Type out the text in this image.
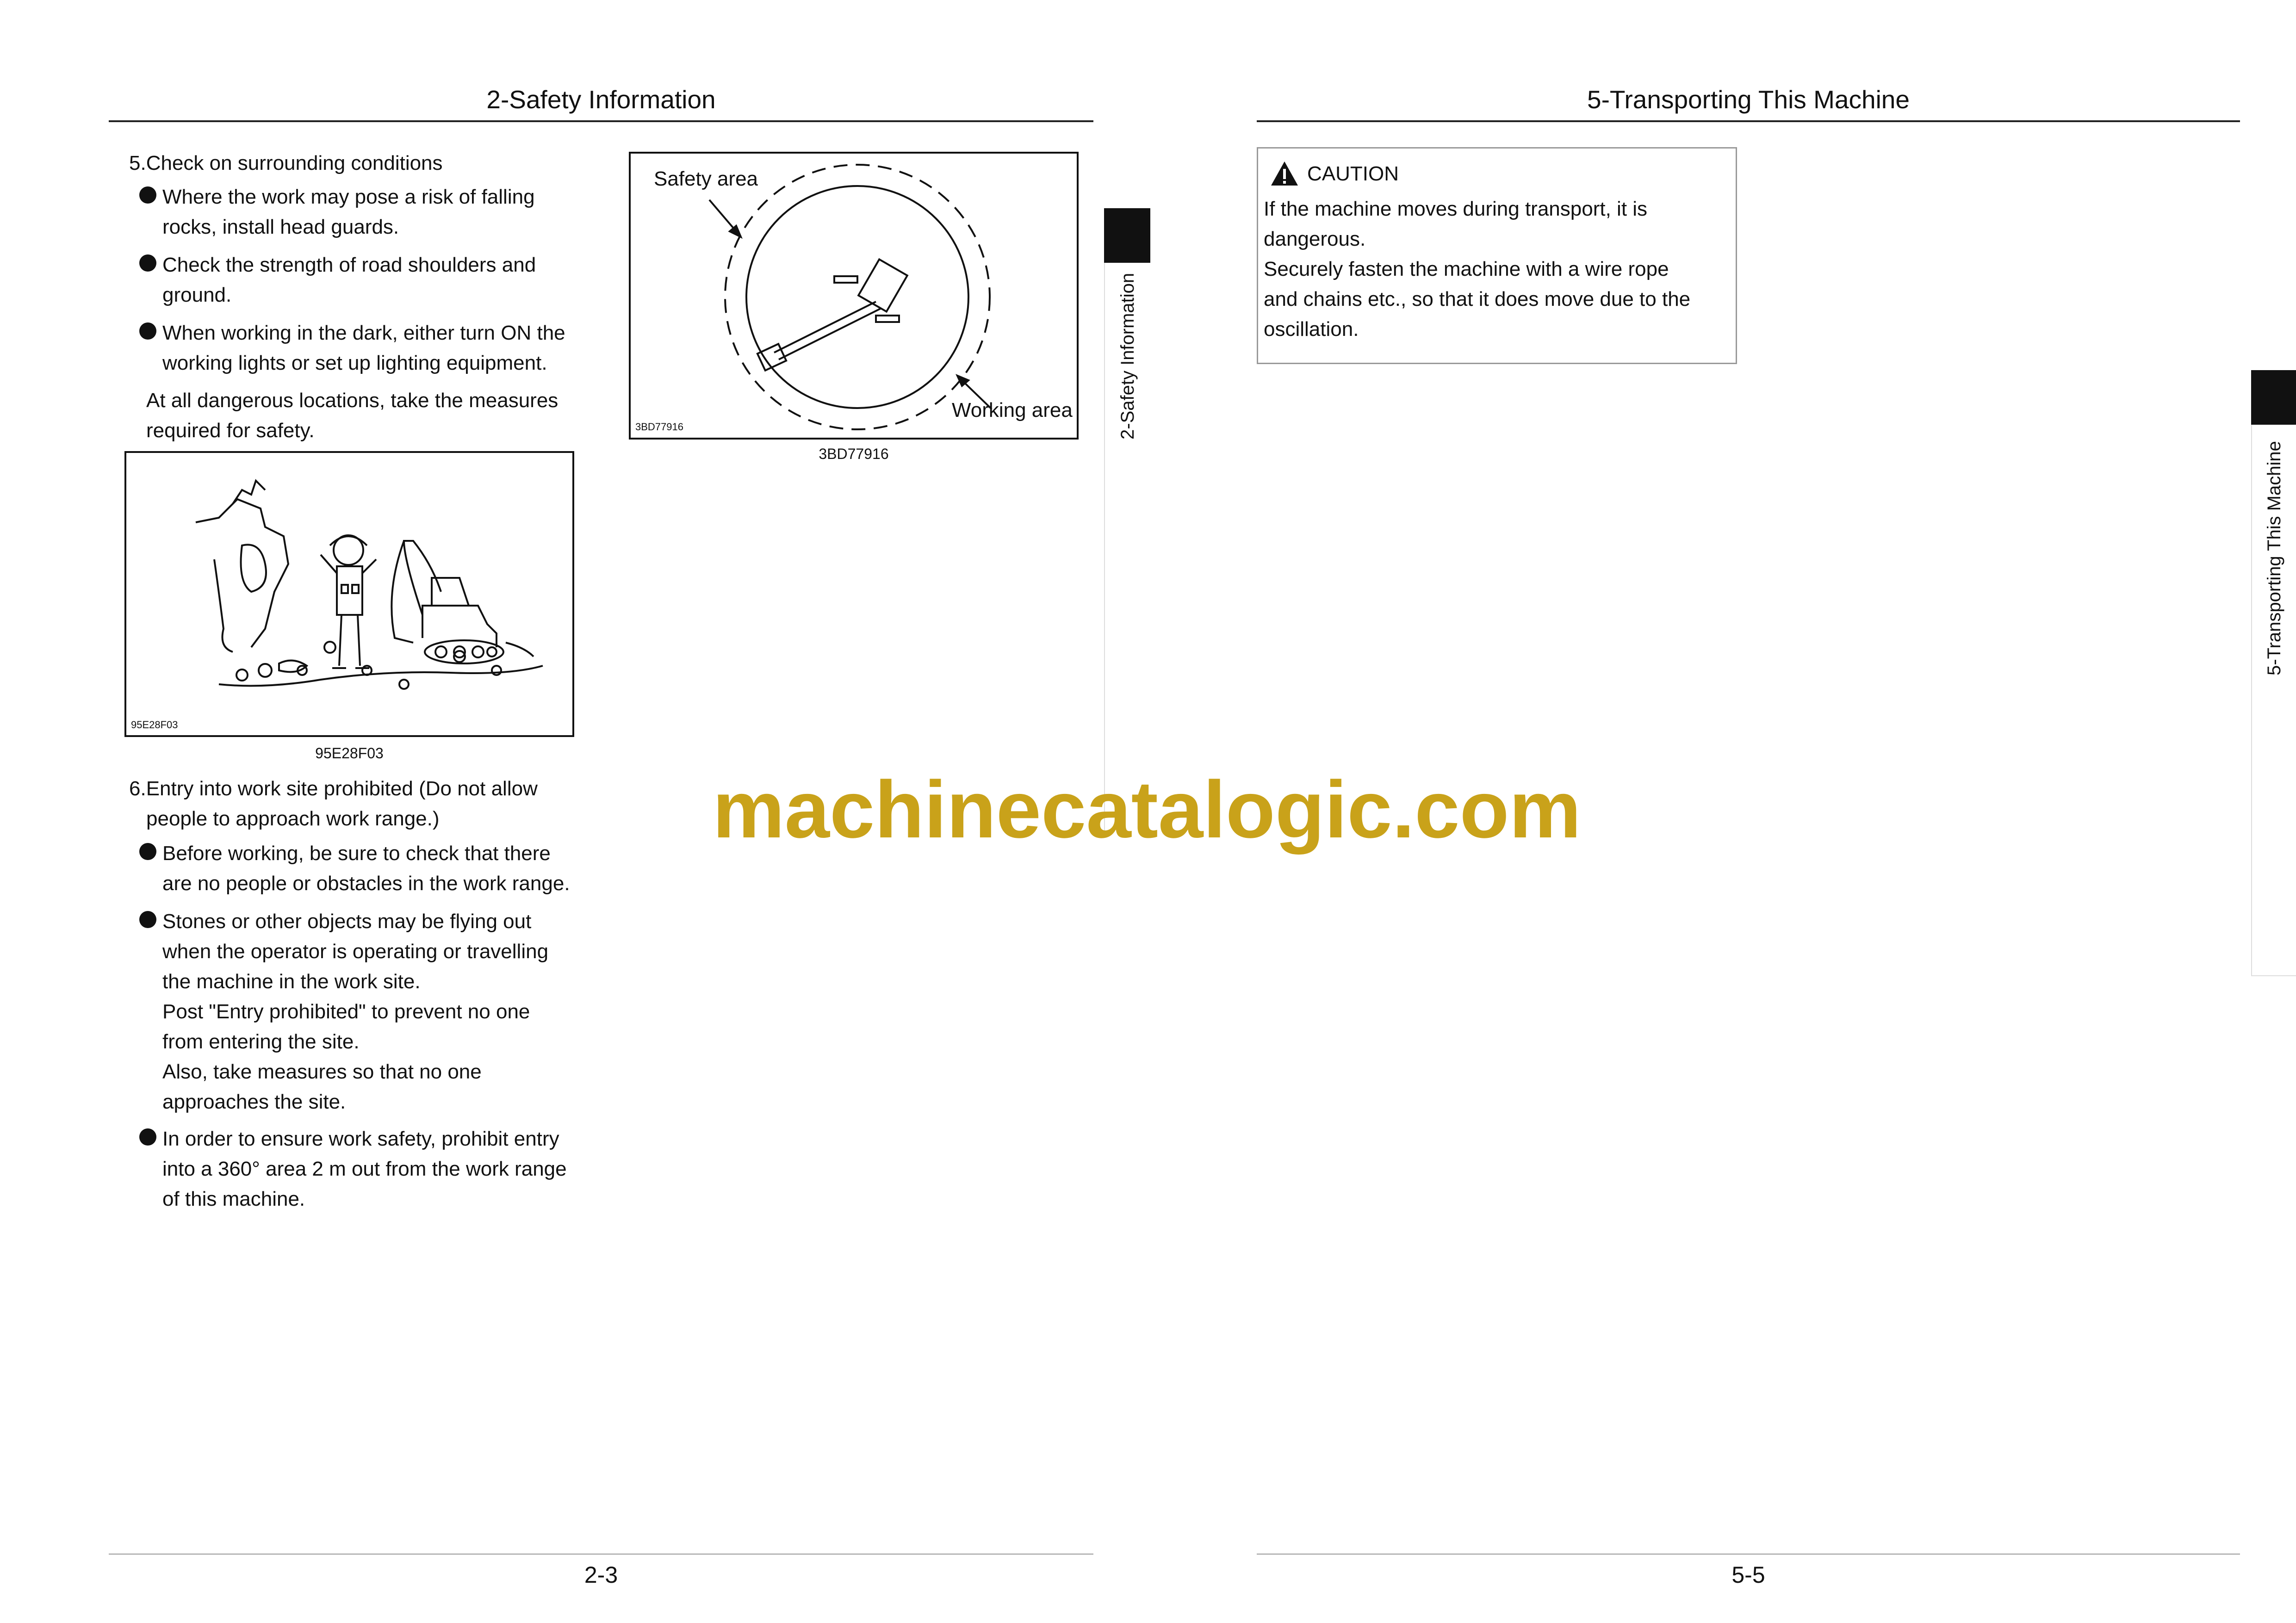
2-Safety Information
5.Check on surrounding conditions
Where the work may pose a risk of falling
rocks, install head guards.
Check the strength of road shoulders and
ground.
When working in the dark, either turn ON the
working lights or set up lighting equipment.
At all dangerous locations, take the measures
required for safety.
95E28F03
95E28F03
Safety area
Working area
3BD77916
3BD77916
6.Entry into work site prohibited (Do not allow
people to approach work range.)
Before working, be sure to check that there
are no people or obstacles in the work range.
Stones or other objects may be flying out
when the operator is operating or travelling
the machine in the work site.
Post "Entry prohibited" to prevent no one
from entering the site.
Also, take measures so that no one
approaches the site.
In order to ensure work safety, prohibit entry
into a 360° area 2 m out from the work range
of this machine.
2-Safety Information
2-3
5-Transporting This Machine
CAUTION
If the machine moves during transport, it is
dangerous.
Securely fasten the machine with a wire rope
and chains etc., so that it does move due to the
oscillation.
5-Transporting This Machine
5-5
machinecatalogic.com
